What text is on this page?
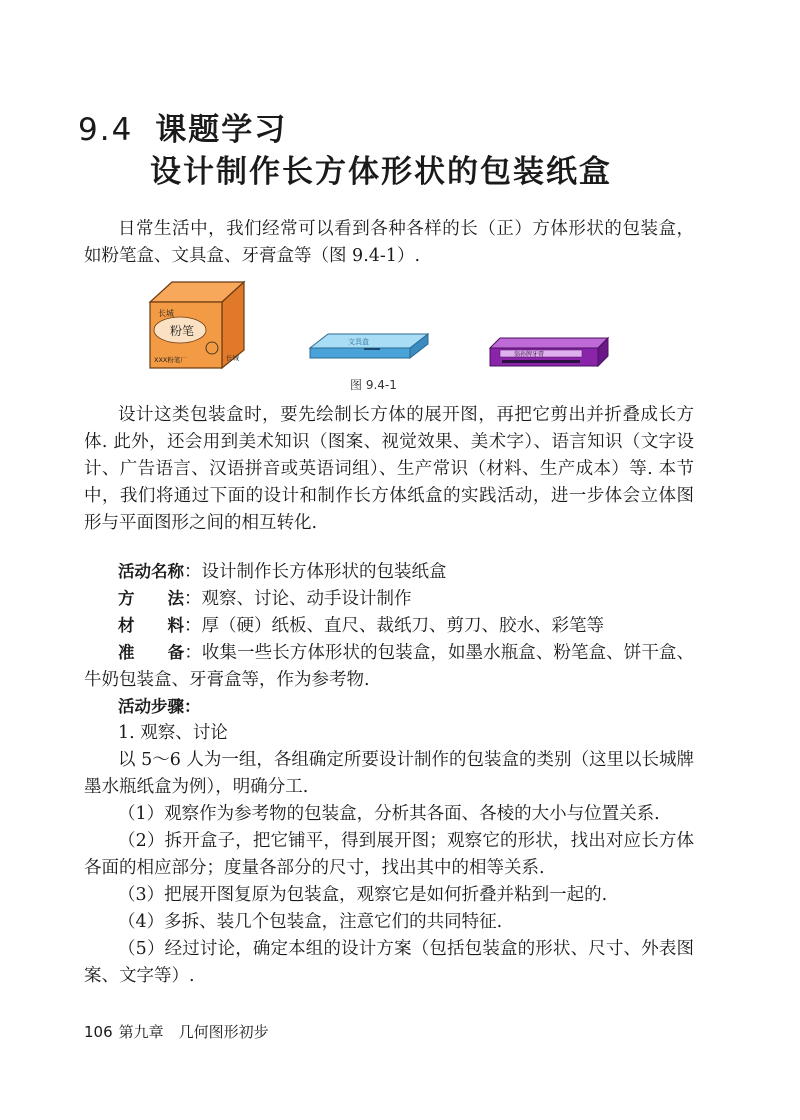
9.4 课题学习
设计制作长方体形状的包装纸盒

日常生活中，我们经常可以看到各种各样的长（正）方体形状的包装盒，如粉笔盒、文具盒、牙膏盒等（图 9.4-1）.

长城
粉笔
XXX粉笔厂	长城
文具盒
翁孙牌牙膏
图 9.4-1

设计这类包装盒时，要先绘制长方体的展开图，再把它剪出并折叠成长方体. 此外，还会用到美术知识（图案、视觉效果、美术字）、语言知识（文字设计、广告语言、汉语拼音或英语词组）、生产常识（材料、生产成本）等. 本节中，我们将通过下面的设计和制作长方体纸盒的实践活动，进一步体会立体图形与平面图形之间的相互转化.

活动名称：设计制作长方体形状的包装纸盒

方　　法：观察、讨论、动手设计制作

材　　料：厚（硬）纸板、直尺、裁纸刀、剪刀、胶水、彩笔等

准　　备：收集一些长方体形状的包装盒，如墨水瓶盒、粉笔盒、饼干盒、牛奶包装盒、牙膏盒等，作为参考物.

活动步骤：

1. 观察、讨论

以 5～6 人为一组，各组确定所要设计制作的包装盒的类别（这里以长城牌墨水瓶纸盒为例），明确分工.

（1）观察作为参考物的包装盒，分析其各面、各棱的大小与位置关系.

（2）拆开盒子，把它铺平，得到展开图；观察它的形状，找出对应长方体各面的相应部分；度量各部分的尺寸，找出其中的相等关系.

（3）把展开图复原为包装盒，观察它是如何折叠并粘到一起的.

（4）多拆、装几个包装盒，注意它们的共同特征.

（5）经过讨论，确定本组的设计方案（包括包装盒的形状、尺寸、外表图案、文字等）.

106 第九章　几何图形初步
